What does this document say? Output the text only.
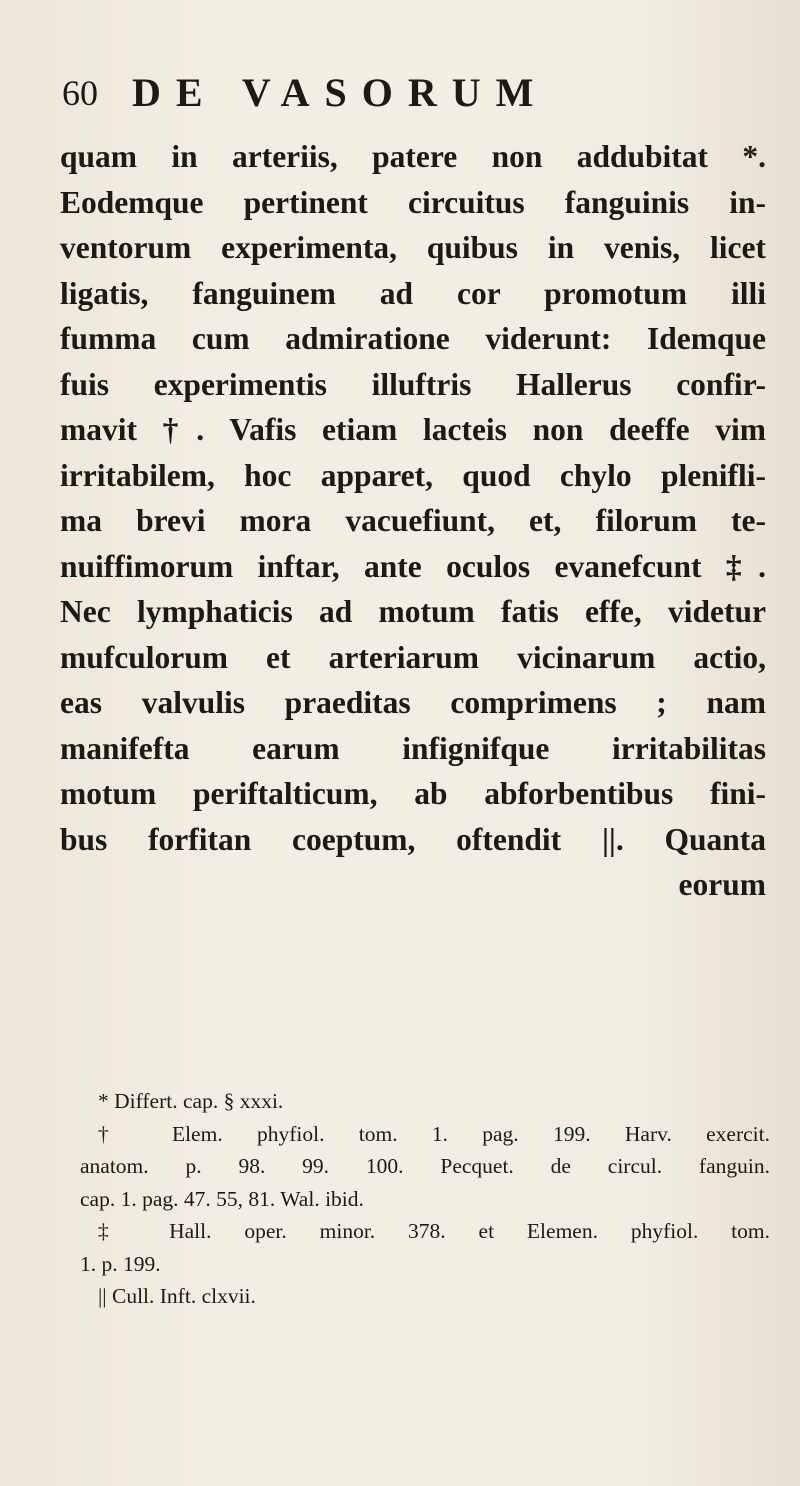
60 DE VASORUM
quam in arteriis, patere non addubitat *.
Eodemque pertinent circuitus fanguinis in-
ventorum experimenta, quibus in venis, licet
ligatis, fanguinem ad cor promotum illi
fumma cum admiratione viderunt: Idemque
fuis experimentis illuftris Hallerus confir-
mavit †. Vafis etiam lacteis non deeffe vim
irritabilem, hoc apparet, quod chylo plenifli-
ma brevi mora vacuefiunt, et, filorum te-
nuiffimorum inftar, ante oculos evanefcunt ‡.
Nec lymphaticis ad motum fatis effe, videtur
mufculorum et arteriarum vicinarum actio,
eas valvulis praeditas comprimens ; nam
manifefta earum infignifque irritabilitas
motum periftalticum, ab abforbentibus fini-
bus forfitan coeptum, oftendit ||. Quanta
eorum
* Differt. cap. § xxxi.
† Elem. phyfiol. tom. 1. pag. 199. Harv. exercit.
anatom. p. 98. 99. 100. Pecquet. de circul. fanguin.
cap. 1. pag. 47. 55, 81. Wal. ibid.
‡ Hall. oper. minor. 378. et Elemen. phyfiol. tom.
1. p. 199.
|| Cull. Inft. clxvii.
